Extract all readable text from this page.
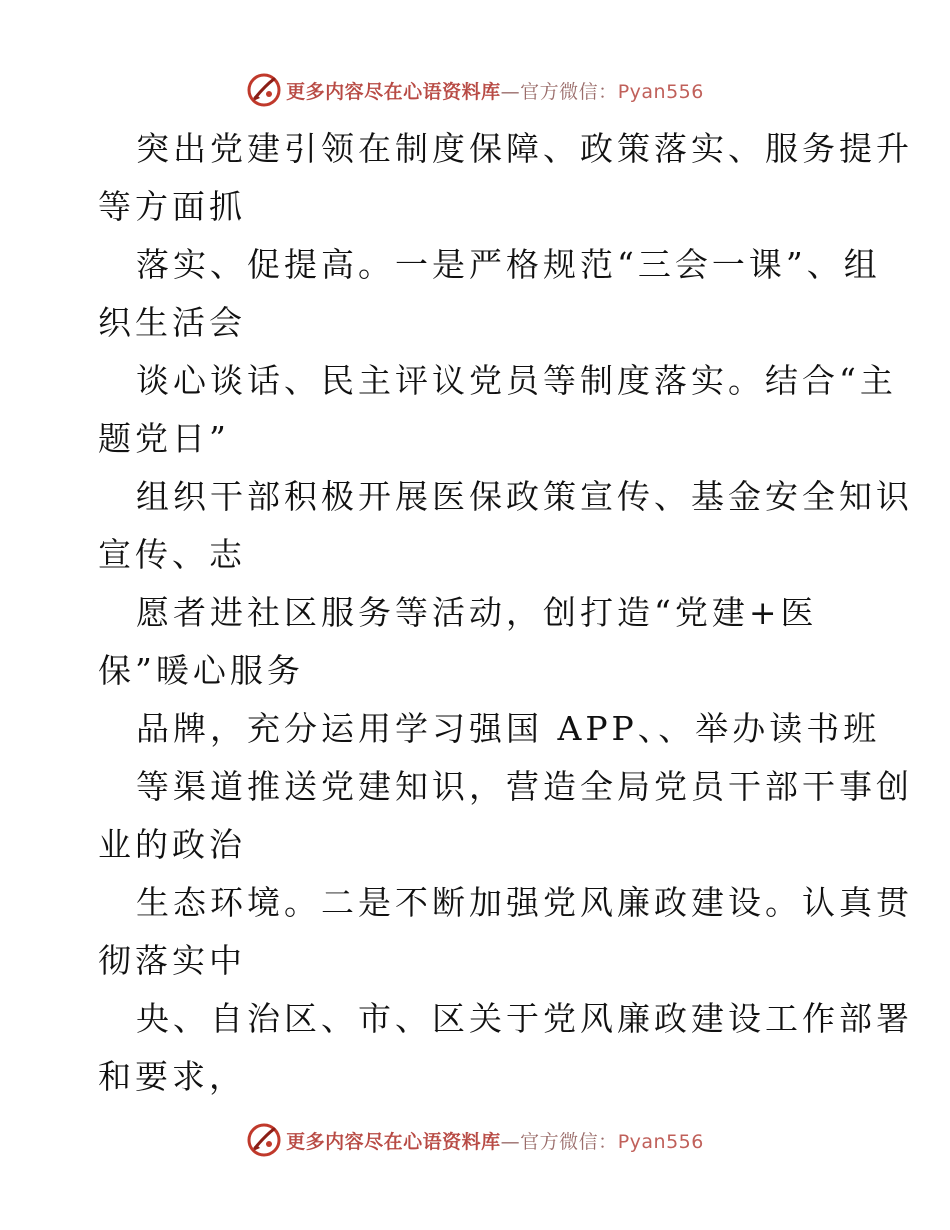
更多内容尽在心语资料库—官方微信：Pyan556
突出党建引领在制度保障、政策落实、服务提升
等方面抓
落实、促提高。一是严格规范“三会一课”、组
织生活会
谈心谈话、民主评议党员等制度落实。结合“主
题党日”
组织干部积极开展医保政策宣传、基金安全知识
宣传、志
愿者进社区服务等活动，创打造“党建+医
保”暖心服务
品牌，充分运用学习强国 APP、、举办读书班
等渠道推送党建知识，营造全局党员干部干事创
业的政治
生态环境。二是不断加强党风廉政建设。认真贯
彻落实中
央、自治区、市、区关于党风廉政建设工作部署
和要求，
更多内容尽在心语资料库—官方微信：Pyan556
